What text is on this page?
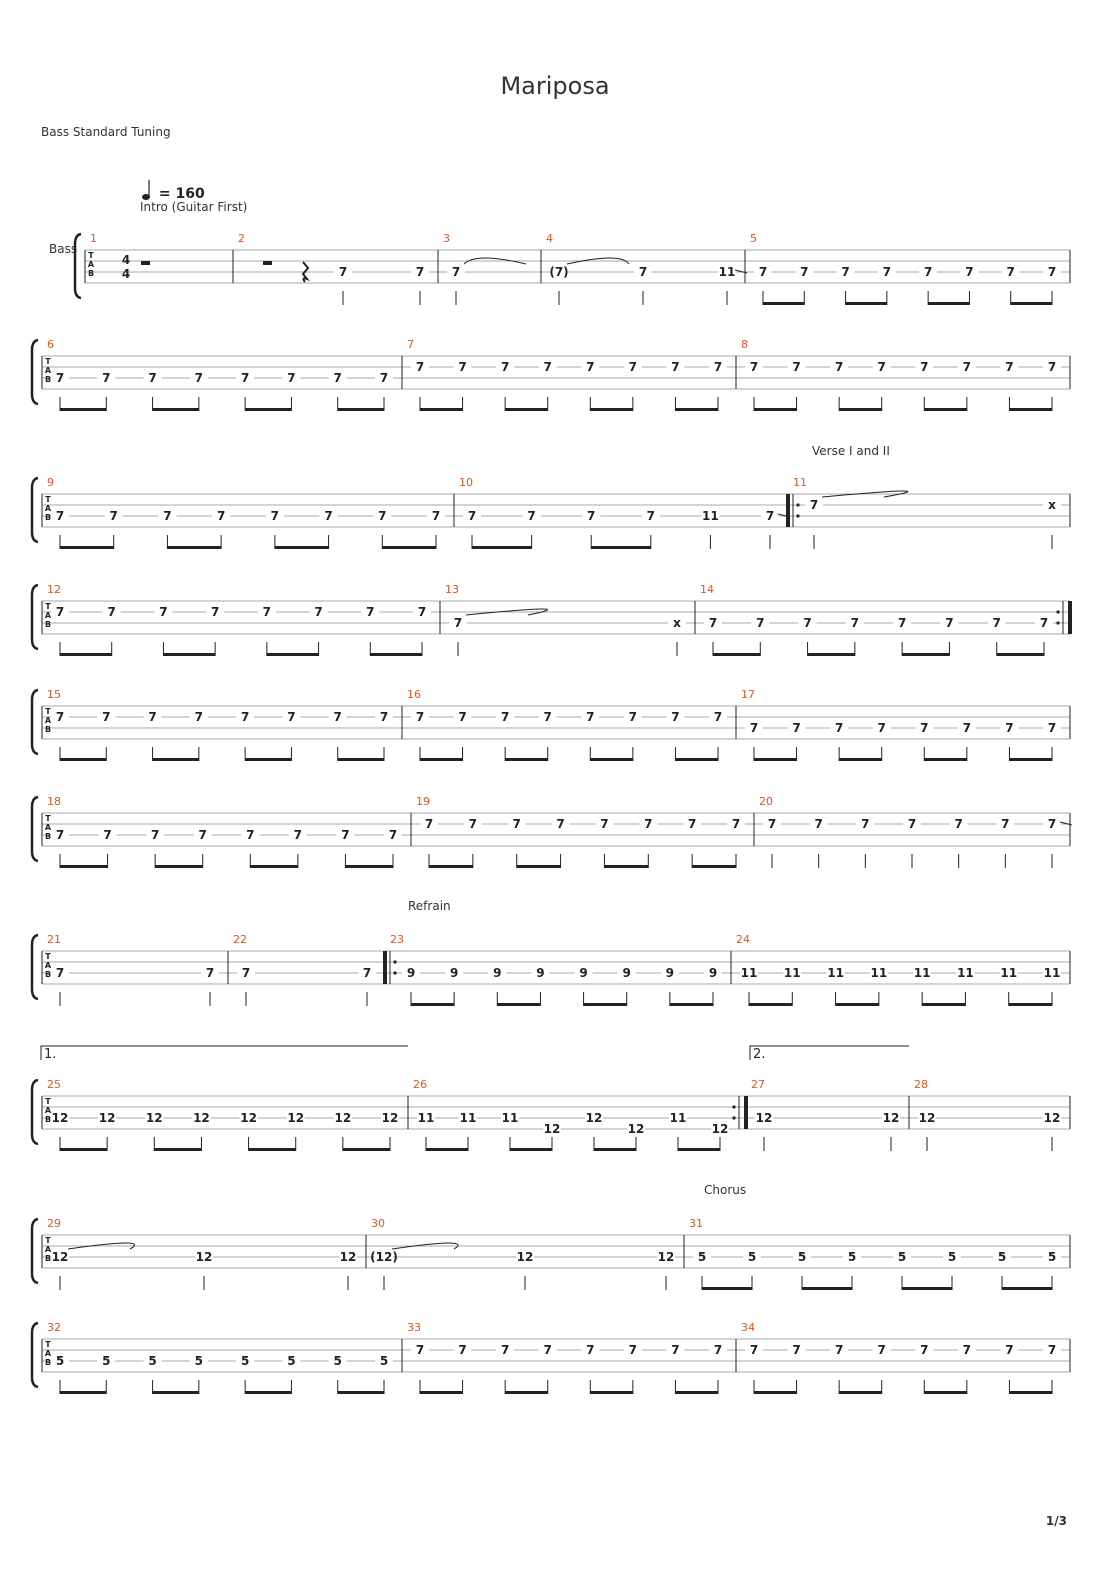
Mariposa
Bass Standard Tuning
= 160
Intro (Guitar First)
Verse I and II
Refrain
Chorus
Bass
1/3
T
A
B
1
4
4
2
7	7
3
7
4
(7)	7	11
5
7	7	7	7	7	7	7	7
T
A
B
6
7	7	7	7	7	7	7	7
7
7	7	7	7	7	7	7	7
8
7	7	7	7	7	7	7	7
T
A
B
9
7	7	7	7	7	7	7	7
10
7	7	7	7	11	7
11
7	x
T
A
B
12
7	7	7	7	7	7	7	7
13
7	x
14
7	7	7	7	7	7	7	7
T
A
B
15
7	7	7	7	7	7	7	7
16
7	7	7	7	7	7	7	7
17
7	7	7	7	7	7	7	7
T
A
B
18
7	7	7	7	7	7	7	7
19
7	7	7	7	7	7	7	7
20
7	7	7	7	7	7	7
T
A
B
21
7	7
22
7	7
23
9	9	9	9	9	9	9	9
24
11 11 11 11 11 11 11 11
T
A
B
25
12	12	12	12	12	12	12	12
26
11 11 11
12
12
12
11
12
27
12	12
28
12	12
T
A
B
29
12	12	12
30
(12)	12	12
31
5	5	5	5	5	5	5	5
T
A
B
32
5	5	5	5	5	5	5	5
33
7	7	7	7	7	7	7	7
34
7	7	7	7	7	7	7	7
1.	2.
